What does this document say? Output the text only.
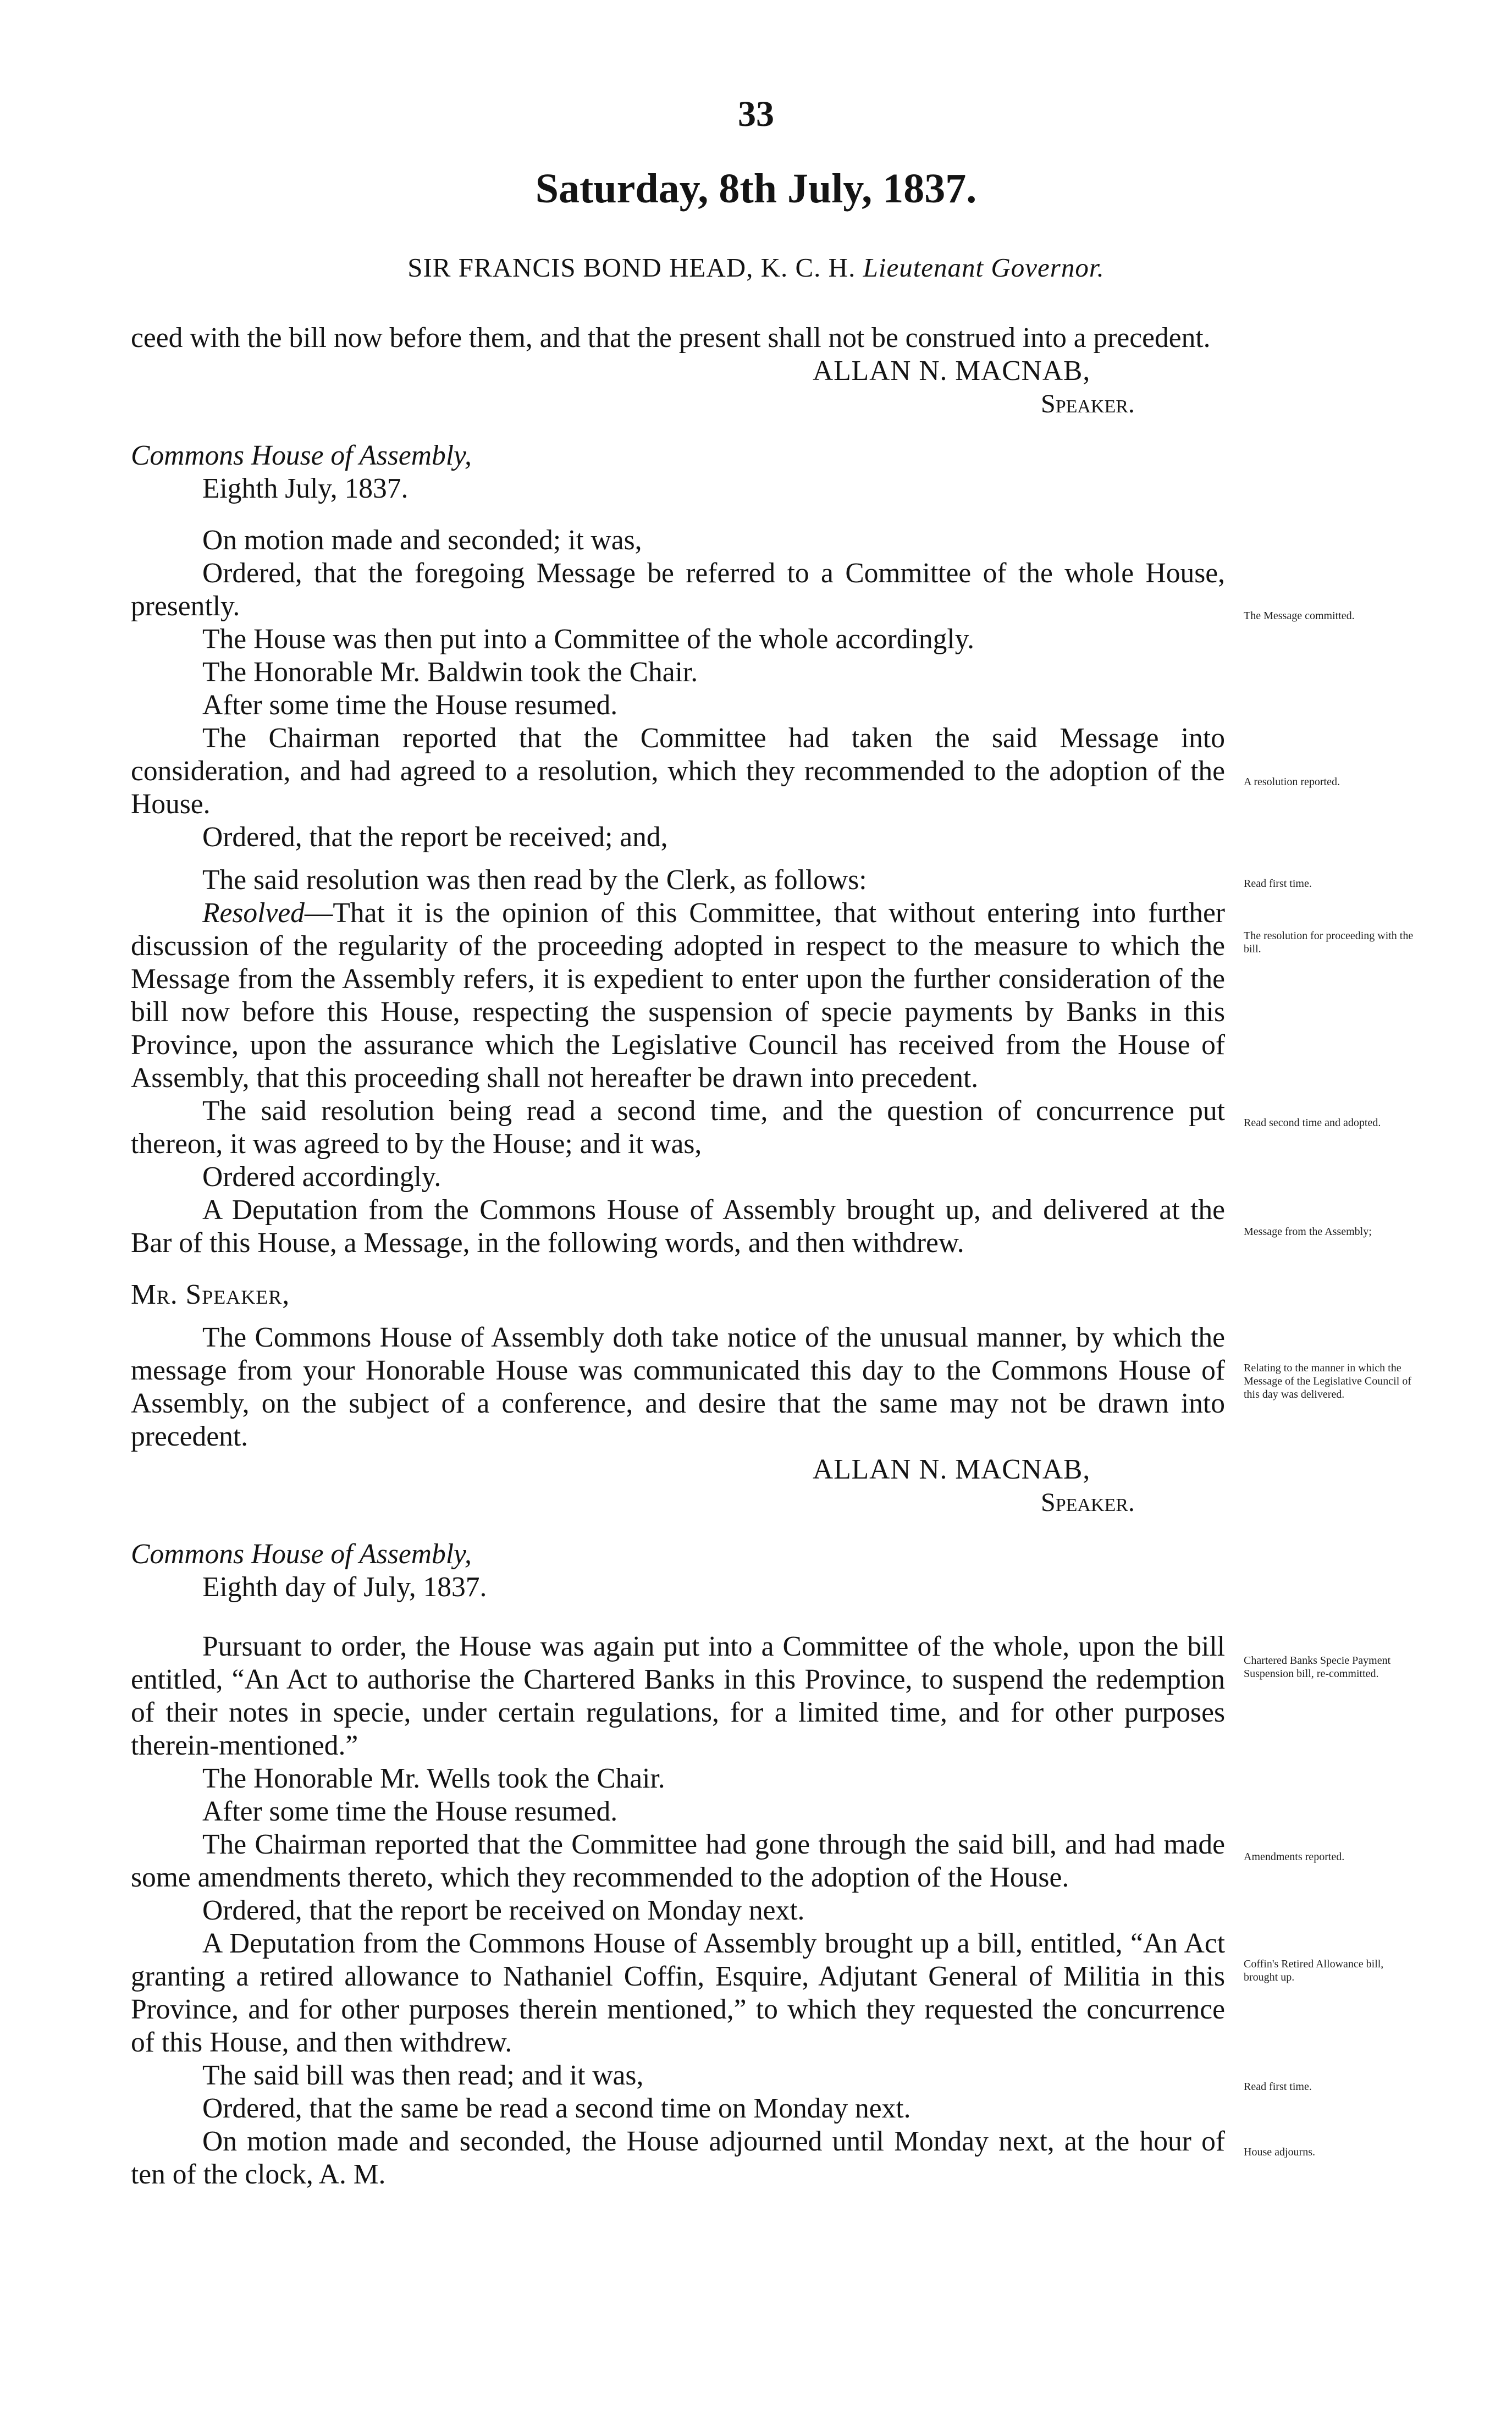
33
Saturday, 8th July, 1837.
SIR FRANCIS BOND HEAD, K. C. H. Lieutenant Governor.

ceed with the bill now before them, and that the present shall not be construed into a precedent.

ALLAN N. MACNAB,

Speaker.

Commons House of Assembly,

Eighth July, 1837.

On motion made and seconded; it was,

Ordered, that the foregoing Message be referred to a Committee of the whole House, presently.

The House was then put into a Committee of the whole accordingly.

The Honorable Mr. Baldwin took the Chair.

After some time the House resumed.

The Chairman reported that the Committee had taken the said Message into consideration, and had agreed to a resolution, which they recommended to the adoption of the House.

Ordered, that the report be received; and,

The said resolution was then read by the Clerk, as follows:

Resolved—That it is the opinion of this Committee, that without entering into further discussion of the regularity of the proceeding adopted in respect to the measure to which the Message from the Assembly refers, it is expedient to enter upon the further consideration of the bill now before this House, respecting the suspension of specie payments by Banks in this Province, upon the assurance which the Legislative Council has received from the House of Assembly, that this proceeding shall not hereafter be drawn into precedent.

The said resolution being read a second time, and the question of concurrence put thereon, it was agreed to by the House; and it was,

Ordered accordingly.

A Deputation from the Commons House of Assembly brought up, and delivered at the Bar of this House, a Message, in the following words, and then withdrew.

Mr. Speaker,

The Commons House of Assembly doth take notice of the unusual manner, by which the message from your Honorable House was communicated this day to the Commons House of Assembly, on the subject of a conference, and desire that the same may not be drawn into precedent.

ALLAN N. MACNAB,

Speaker.

Commons House of Assembly,

Eighth day of July, 1837.

Pursuant to order, the House was again put into a Committee of the whole, upon the bill entitled, “An Act to authorise the Chartered Banks in this Province, to suspend the redemption of their notes in specie, under certain regulations, for a limited time, and for other purposes therein-mentioned.”

The Honorable Mr. Wells took the Chair.

After some time the House resumed.

The Chairman reported that the Committee had gone through the said bill, and had made some amendments thereto, which they recommended to the adoption of the House.

Ordered, that the report be received on Monday next.

A Deputation from the Commons House of Assembly brought up a bill, entitled, “An Act granting a retired allowance to Nathaniel Coffin, Esquire, Adjutant General of Militia in this Province, and for other purposes therein mentioned,” to which they requested the concurrence of this House, and then withdrew.

The said bill was then read; and it was,

Ordered, that the same be read a second time on Monday next.

On motion made and seconded, the House adjourned until Monday next, at the hour of ten of the clock, A. M.

The Message committed.
A resolution reported.
Read first time.
The resolution for proceeding with the bill.
Read second time and adopted.
Message from the Assembly;
Relating to the manner in which the Message of the Legislative Council of this day was delivered.
Chartered Banks Specie Payment Suspension bill, re-committed.
Amendments reported.
Coffin's Retired Allowance bill, brought up.
Read first time.
House adjourns.
